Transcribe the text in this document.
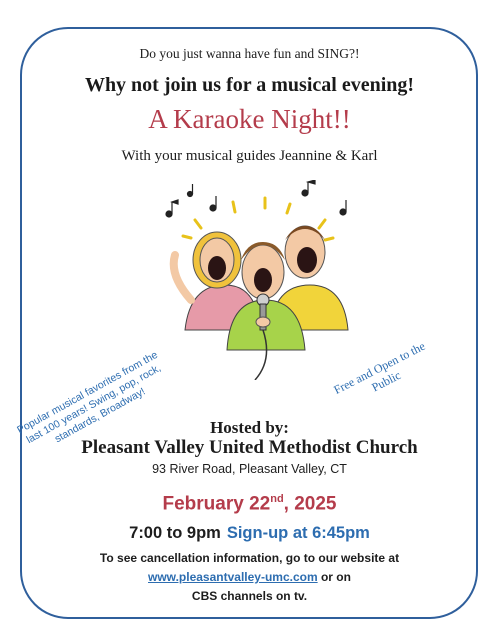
Do you just wanna have fun and SING?!
Why not join us for a musical evening!
A Karaoke Night!!
With your musical guides Jeannine & Karl
Popular musical favorites from the last 100 years! Swing, pop, rock, standards, Broadway!
Free and Open to the Public
Hosted by:
Pleasant Valley United Methodist Church
93 River Road, Pleasant Valley, CT
February 22nd, 2025
7:00 to 9pm Sign-up at 6:45pm
To see cancellation information, go to our website at
www.pleasantvalley-umc.com or on
CBS channels on tv.
